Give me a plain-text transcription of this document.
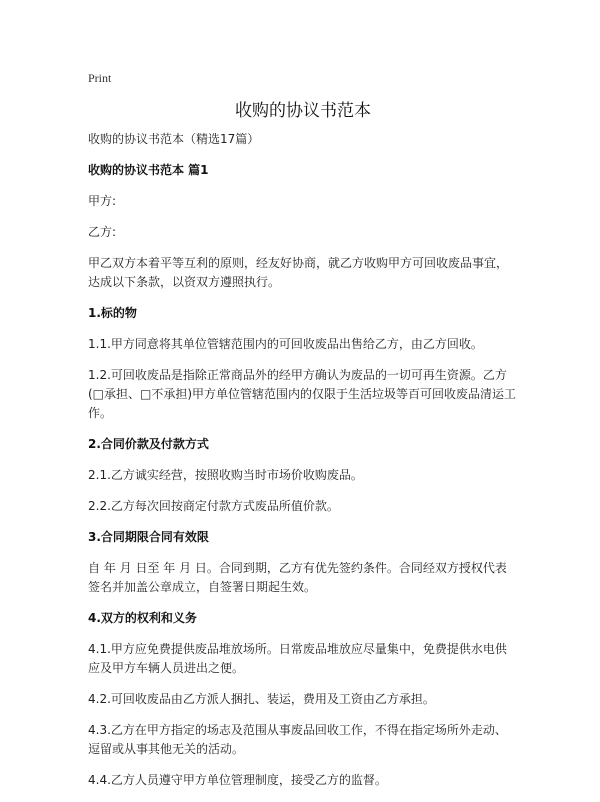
Print
收购的协议书范本

收购的协议书范本（精选17篇）

收购的协议书范本 篇1

甲方:

乙方:

甲乙双方本着平等互利的原则，经友好协商，就乙方收购甲方可回收废品事宜，达成以下条款，以资双方遵照执行。

1.标的物

1.1.甲方同意将其单位管辖范围内的可回收废品出售给乙方，由乙方回收。

1.2.可回收废品是指除正常商品外的经甲方确认为废品的一切可再生资源。乙方(□承担、□不承担)甲方单位管辖范围内的仅限于生活垃圾等百可回收废品清运工作。

2.合同价款及付款方式

2.1.乙方诚实经营，按照收购当时市场价收购废品。

2.2.乙方每次回按商定付款方式废品所值价款。

3.合同期限合同有效限

自 年 月 日至 年 月 日。合同到期，乙方有优先签约条件。合同经双方授权代表签名并加盖公章成立，自签署日期起生效。

4.双方的权利和义务

4.1.甲方应免费提供废品堆放场所。日常废品堆放应尽量集中，免费提供水电供应及甲方车辆人员进出之便。

4.2.可回收废品由乙方派人捆扎、装运，费用及工资由乙方承担。

4.3.乙方在甲方指定的场志及范围从事废品回收工作，不得在指定场所外走动、逗留或从事其他无关的活动。

4.4.乙方人员遵守甲方单位管理制度，接受乙方的监督。
